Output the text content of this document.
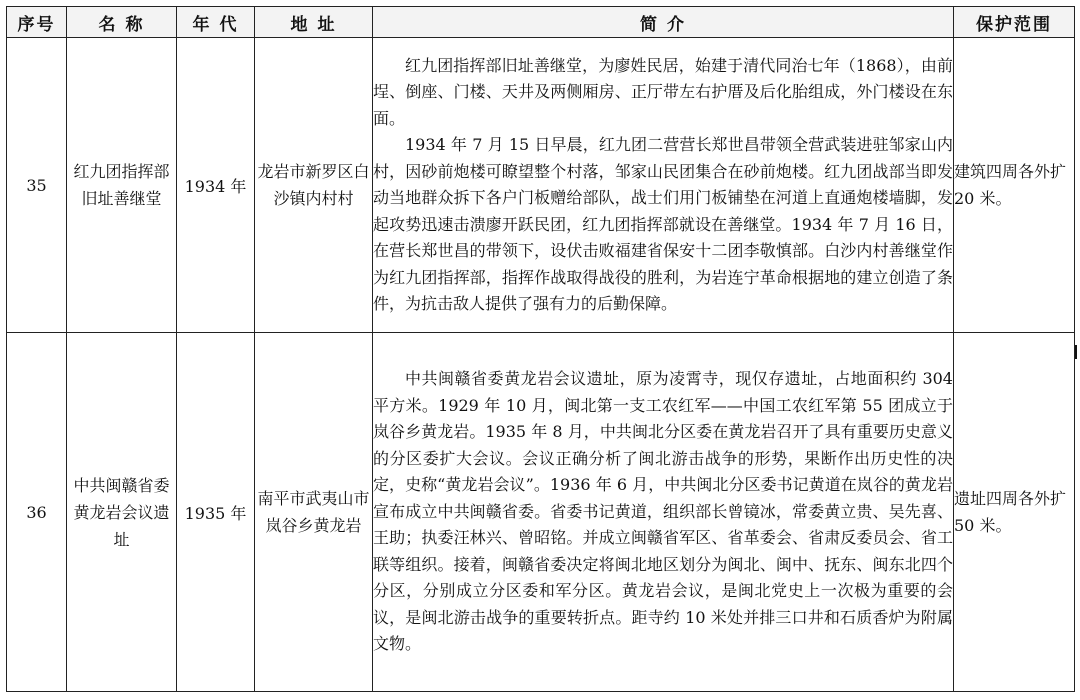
序号	名 称	年 代	地 址	简 介	保护范围
35	红九团指挥部旧址善继堂	1934 年	龙岩市新罗区白沙镇内村村	红九团指挥部旧址善继堂，为廖姓民居，始建于清代同治七年（1868），由前埕、倒座、门楼、天井及两侧厢房、正厅带左右护厝及后化胎组成，外门楼设在东面。

1934 年 7 月 15 日早晨，红九团二营营长郑世昌带领全营武装进驻邹家山内村，因砂前炮楼可瞭望整个村落，邹家山民团集合在砂前炮楼。红九团战部当即发动当地群众拆下各户门板赠给部队，战士们用门板铺垫在河道上直通炮楼墙脚，发起攻势迅速击溃廖开跃民团，红九团指挥部就设在善继堂。1934 年 7 月 16 日，在营长郑世昌的带领下，设伏击败福建省保安十二团李敬慎部。白沙内村善继堂作为红九团指挥部，指挥作战取得战役的胜利，为岩连宁革命根据地的建立创造了条件，为抗击敌人提供了强有力的后勤保障。	建筑四周各外扩 20 米。
36	中共闽赣省委黄龙岩会议遗址	1935 年	南平市武夷山市岚谷乡黄龙岩	中共闽赣省委黄龙岩会议遗址，原为凌霄寺，现仅存遗址，占地面积约 304 平方米。1929 年 10 月，闽北第一支工农红军——中国工农红军第 55 团成立于岚谷乡黄龙岩。1935 年 8 月，中共闽北分区委在黄龙岩召开了具有重要历史意义的分区委扩大会议。会议正确分析了闽北游击战争的形势，果断作出历史性的决定，史称“黄龙岩会议”。1936 年 6 月，中共闽北分区委书记黄道在岚谷的黄龙岩宣布成立中共闽赣省委。省委书记黄道，组织部长曾镜冰，常委黄立贵、吴先喜、王助；执委汪林兴、曾昭铭。并成立闽赣省军区、省革委会、省肃反委员会、省工联等组织。接着，闽赣省委决定将闽北地区划分为闽北、闽中、抚东、闽东北四个分区，分别成立分区委和军分区。黄龙岩会议，是闽北党史上一次极为重要的会议，是闽北游击战争的重要转折点。距寺约 10 米处并排三口井和石质香炉为附属文物。	遗址四周各外扩 50 米。
